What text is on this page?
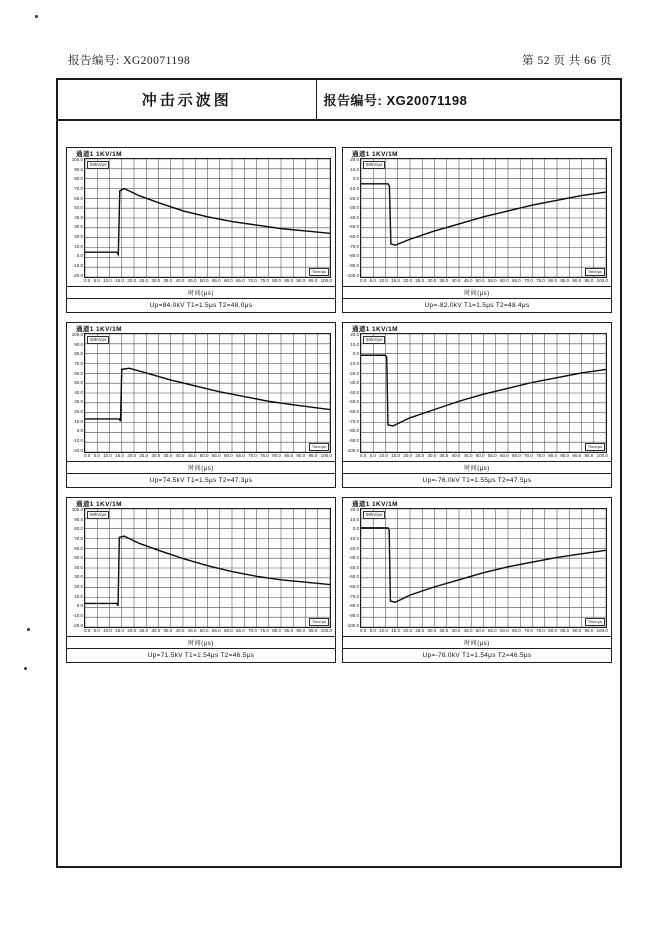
报告编号: XG20071198	第 52 页 共 66 页
冲击示波图	报告编号: XG20071198
通道1 1KV/1M
100.0
90.0
80.0
70.0
60.0
50.0
40.0
30.0
20.0
10.0
0.0
-10.0
-20.0
50kV/μs
Time/μs
0.0 5.0 10.0 15.0 20.0 25.0 30.0 35.0 40.0 45.0 50.0 55.0 60.0 65.0 70.0 75.0 80.0 85.0 90.0 95.0 100.0
时间(μs)
Up=84.0kV T1=1.5μs T2=48.0μs
通道1 1KV/1M
20.0
10.0
0.0
-10.0
-20.0
-30.0
-40.0
-50.0
-60.0
-70.0
-80.0
-90.0
-100.0
50kV/μs
Time/μs
0.0 5.0 10.0 15.0 20.0 25.0 30.0 35.0 40.0 45.0 50.0 55.0 60.0 65.0 70.0 75.0 80.0 85.0 90.0 95.0 100.0
时间(μs)
Up=-82.0kV T1=1.5μs T2=48.4μs
通道1 1KV/1M
100.0
90.0
80.0
70.0
60.0
50.0
40.0
30.0
20.0
10.0
0.0
-10.0
-20.0
50kV/μs
Time/μs
0.0 5.0 10.0 15.0 20.0 25.0 30.0 35.0 40.0 45.0 50.0 55.0 60.0 65.0 70.0 75.0 80.0 85.0 90.0 95.0 100.0
时间(μs)
Up=74.5kV T1=1.5μs T2=47.3μs
通道1 1KV/1M
20.0
10.0
0.0
-10.0
-20.0
-30.0
-40.0
-50.0
-60.0
-70.0
-80.0
-90.0
-100.0
50kV/μs
Time/μs
0.0 5.0 10.0 15.0 20.0 25.0 30.0 35.0 40.0 45.0 50.0 55.0 60.0 65.0 70.0 75.0 80.0 85.0 90.0 95.0 100.0
时间(μs)
Up=-76.0kV T1=1.55μs T2=47.5μs
通道1 1KV/1M
100.0
90.0
80.0
70.0
60.0
50.0
40.0
30.0
20.0
10.0
0.0
-10.0
-20.0
50kV/μs
Time/μs
0.0 5.0 10.0 15.0 20.0 25.0 30.0 35.0 40.0 45.0 50.0 55.0 60.0 65.0 70.0 75.0 80.0 85.0 90.0 95.0 100.0
时间(μs)
Up=71.5kV T1=1.54μs T2=46.5μs
通道1 1KV/1M
20.0
10.0
0.0
-10.0
-20.0
-30.0
-40.0
-50.0
-60.0
-70.0
-80.0
-90.0
-100.0
50kV/μs
Time/μs
0.0 5.0 10.0 15.0 20.0 25.0 30.0 35.0 40.0 45.0 50.0 55.0 60.0 65.0 70.0 75.0 80.0 85.0 90.0 95.0 100.0
时间(μs)
Up=-76.0kV T1=1.54μs T2=46.5μs
